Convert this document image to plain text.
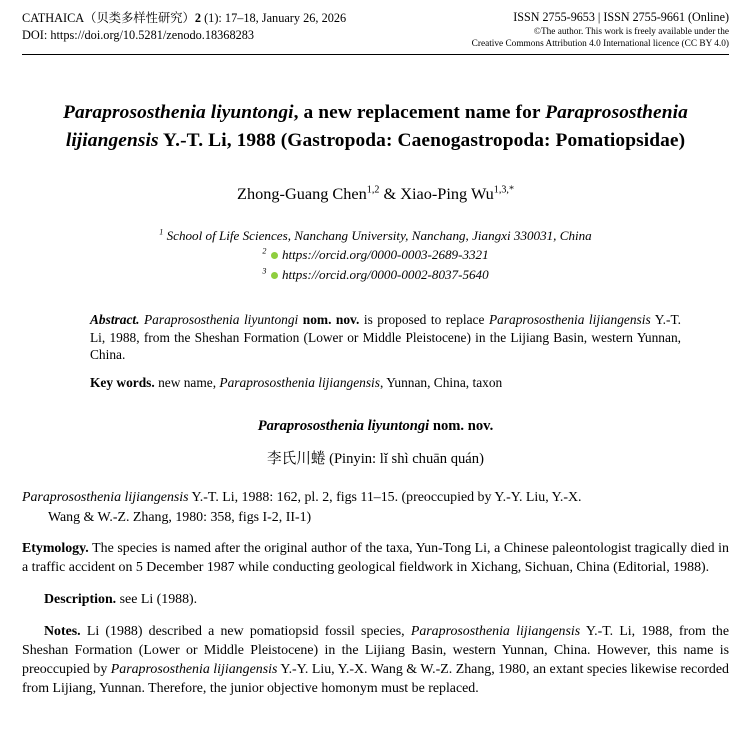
CATHAICA（贝类多样性研究）2 (1): 17–18, January 26, 2026
DOI: https://doi.org/10.5281/zenodo.18368283
ISSN 2755-9653 | ISSN 2755-9661 (Online)
©The author. This work is freely available under the
Creative Commons Attribution 4.0 International licence (CC BY 4.0)
Paraprososthenia liyuntongi, a new replacement name for Paraprososthenia lijiangensis Y.-T. Li, 1988 (Gastropoda: Caenogastropoda: Pomatiopsidae)
Zhong-Guang Chen$^{1,2}$ & Xiao-Ping $Wu^{1,3,*}$
$^1$ School of Life Sciences, Nanchang University, Nanchang, Jiangxi 330031, China
$^2$ https://orcid.org/0000-0003-2689-3321
$^3$ https://orcid.org/0000-0002-8037-5640
Abstract. Paraprososthenia liyuntongi nom. nov. is proposed to replace Paraprososthenia lijiangensis Y.-T. Li, 1988, from the Sheshan Formation (Lower or Middle Pleistocene) in the Lijiang Basin, western Yunnan, China.
Key words. new name, Paraprososthenia lijiangensis, Yunnan, China, taxon
Paraprososthenia liyuntongi nom. nov.
李氏川蜷 (Pinyin: lǐ shì chuān quán)
Paraprososthenia lijiangensis Y.-T. Li, 1988: 162, pl. 2, figs 11–15. (preoccupied by Y.-Y. Liu, Y.-X.
Wang & W.-Z. Zhang, 1980: 358, figs I-2, II-1)
Etymology. The species is named after the original author of the taxa, Yun-Tong Li, a Chinese paleontologist tragically died in a traffic accident on 5 December 1987 while conducting geological fieldwork in Xichang, Sichuan, China (Editorial, 1988).
Description. see Li (1988).
Notes. Li (1988) described a new pomatiopsid fossil species, Paraprososthenia lijiangensis Y.-T. Li, 1988, from the Sheshan Formation (Lower or Middle Pleistocene) in the Lijiang Basin, western Yunnan, China. However, this name is preoccupied by Paraprososthenia lijiangensis Y.-Y. Liu, Y.-X. Wang & W.-Z. Zhang, 1980, an extant species likewise recorded from Lijiang, Yunnan. Therefore, the junior objective homonym must be replaced.
